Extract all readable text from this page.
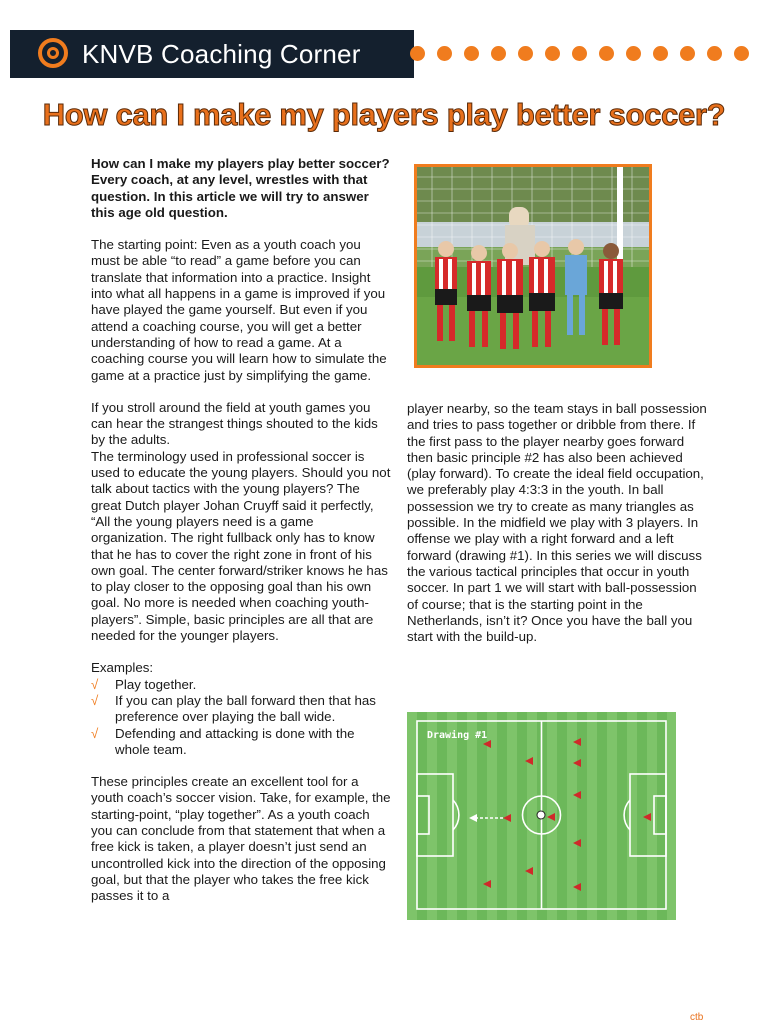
KNVB Coaching Corner
How can I make my players play better soccer?

How can I make my players play better soccer? Every coach, at any level, wrestles with that question. In this article we will try to answer this age old question.

The starting point: Even as a youth coach you must be able “to read” a game before you can translate that information into a practice. Insight into what all happens in a game is improved if you have played the game yourself. But even if you attend a coaching course, you will get a better understanding of how to read a game. At a coaching course you will learn how to simulate the game at a practice just by simplifying the game.

If you stroll around the field at youth games you can hear the strangest things shouted to the kids by the adults.

The terminology used in professional soccer is used to educate the young players. Should you not talk about tactics with the young players? The great Dutch player Johan Cruyff said it perfectly, “All the young players need is a game organization. The right fullback only has to know that he has to cover the right zone in front of his own goal. The center forward/striker knows he has to play closer to the opposing goal than his own goal. No more is needed when coaching youth-players”. Simple, basic principles are all that are needed for the younger players.

Examples:

√ Play together.
√ If you can play the ball forward then that has preference over playing the ball wide.
√ Defending and attacking is done with the whole team.

These principles create an excellent tool for a youth coach’s soccer vision. Take, for example, the starting-point, “play together”. As a youth coach you can conclude from that statement that when a free kick is taken, a player doesn’t just send an uncontrolled kick into the direction of the opposing goal, but that the player who takes the free kick passes it to a

player nearby, so the team stays in ball possession and tries to pass together or dribble from there. If the first pass to the player nearby goes forward then basic principle #2 has also been achieved (play forward). To create the ideal field occupation, we preferably play 4:3:3 in the youth. In ball possession we try to create as many triangles as possible. In the midfield we play with 3 players. In offense we play with a right forward and a left forward (drawing #1). In this series we will discuss the various tactical principles that occur in youth soccer. In part 1 we will start with ball-possession of course; that is the starting point in the Netherlands, isn’t it? Once you have the ball you start with the build-up.

Drawing #1
ctb
